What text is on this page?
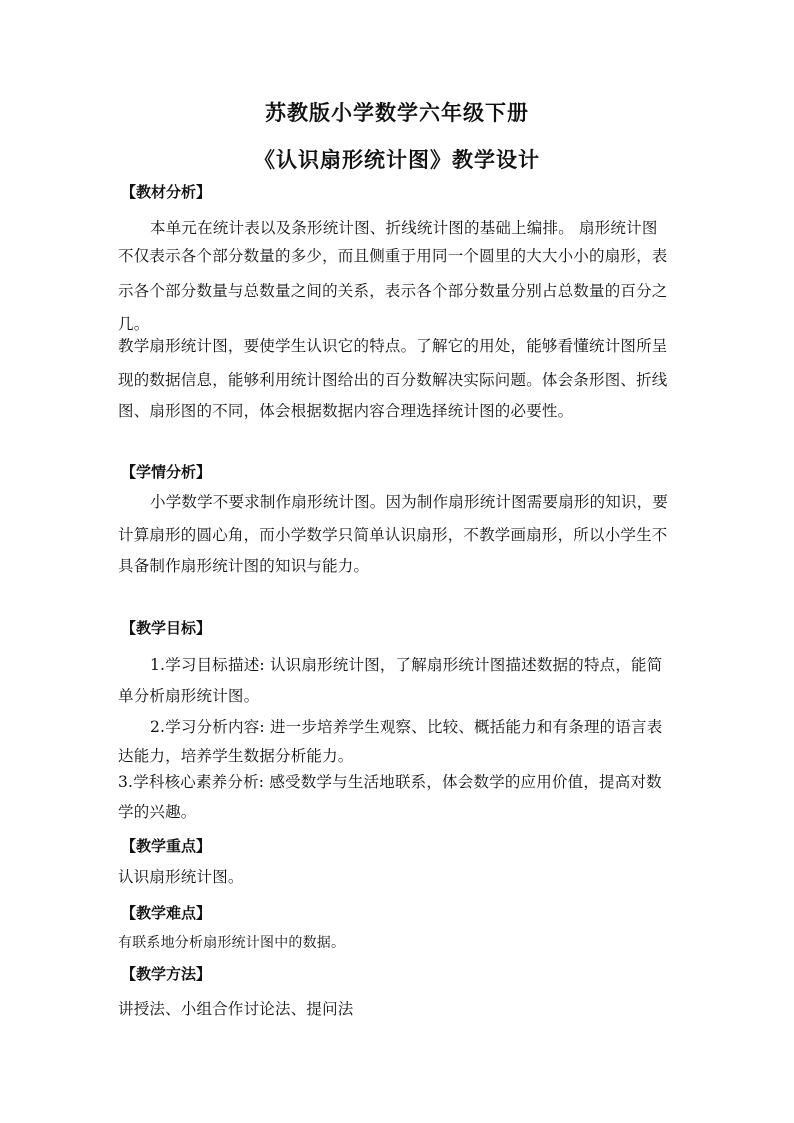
苏教版小学数学六年级下册
《认识扇形统计图》教学设计
【教材分析】
本单元在统计表以及条形统计图、折线统计图的基础上编排。 扇形统计图
不仅表示各个部分数量的多少，而且侧重于用同一个圆里的大大小小的扇形，表
示各个部分数量与总数量之间的关系，表示各个部分数量分别占总数量的百分之
几。
教学扇形统计图，要使学生认识它的特点。了解它的用处，能够看懂统计图所呈
现的数据信息，能够利用统计图给出的百分数解决实际问题。体会条形图、折线
图、扇形图的不同，体会根据数据内容合理选择统计图的必要性。
【学情分析】
小学数学不要求制作扇形统计图。因为制作扇形统计图需要扇形的知识，要
计算扇形的圆心角，而小学数学只简单认识扇形，不教学画扇形，所以小学生不
具备制作扇形统计图的知识与能力。
【教学目标】
1.学习目标描述: 认识扇形统计图，了解扇形统计图描述数据的特点，能简
单分析扇形统计图。
2.学习分析内容: 进一步培养学生观察、比较、概括能力和有条理的语言表
达能力，培养学生数据分析能力。
3.学科核心素养分析: 感受数学与生活地联系，体会数学的应用价值，提高对数
学的兴趣。
【教学重点】
认识扇形统计图。
【教学难点】
有联系地分析扇形统计图中的数据。
【教学方法】
讲授法、小组合作讨论法、提问法
